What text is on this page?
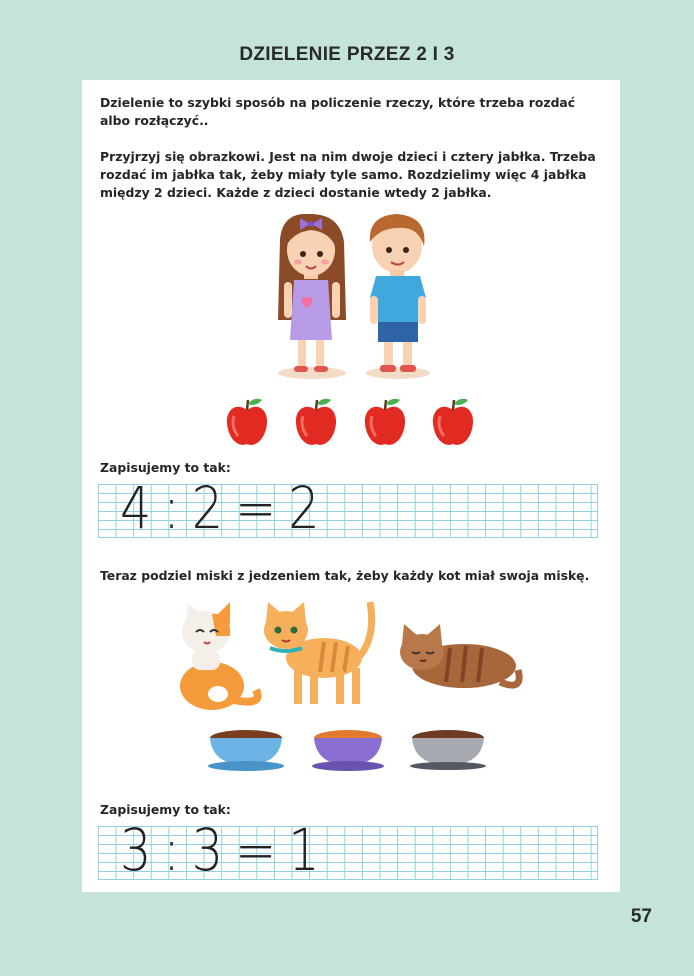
DZIELENIE PRZEZ 2 I 3

Dzielenie to szybki sposób na policzenie rzeczy, które trzeba rozdać albo rozłączyć..

Przyjrzyj się obrazkowi. Jest na nim dwoje dzieci i cztery jabłka. Trzeba rozdać im jabłka tak, żeby miały tyle samo. Rozdzielimy więc 4 jabłka między 2 dzieci. Każde z dzieci dostanie wtedy 2 jabłka.

Zapisujemy to tak:
4:2=2
Teraz podziel miski z jedzeniem tak, żeby każdy kot miał swoja miskę.
Zapisujemy to tak:
3:3=1
57
